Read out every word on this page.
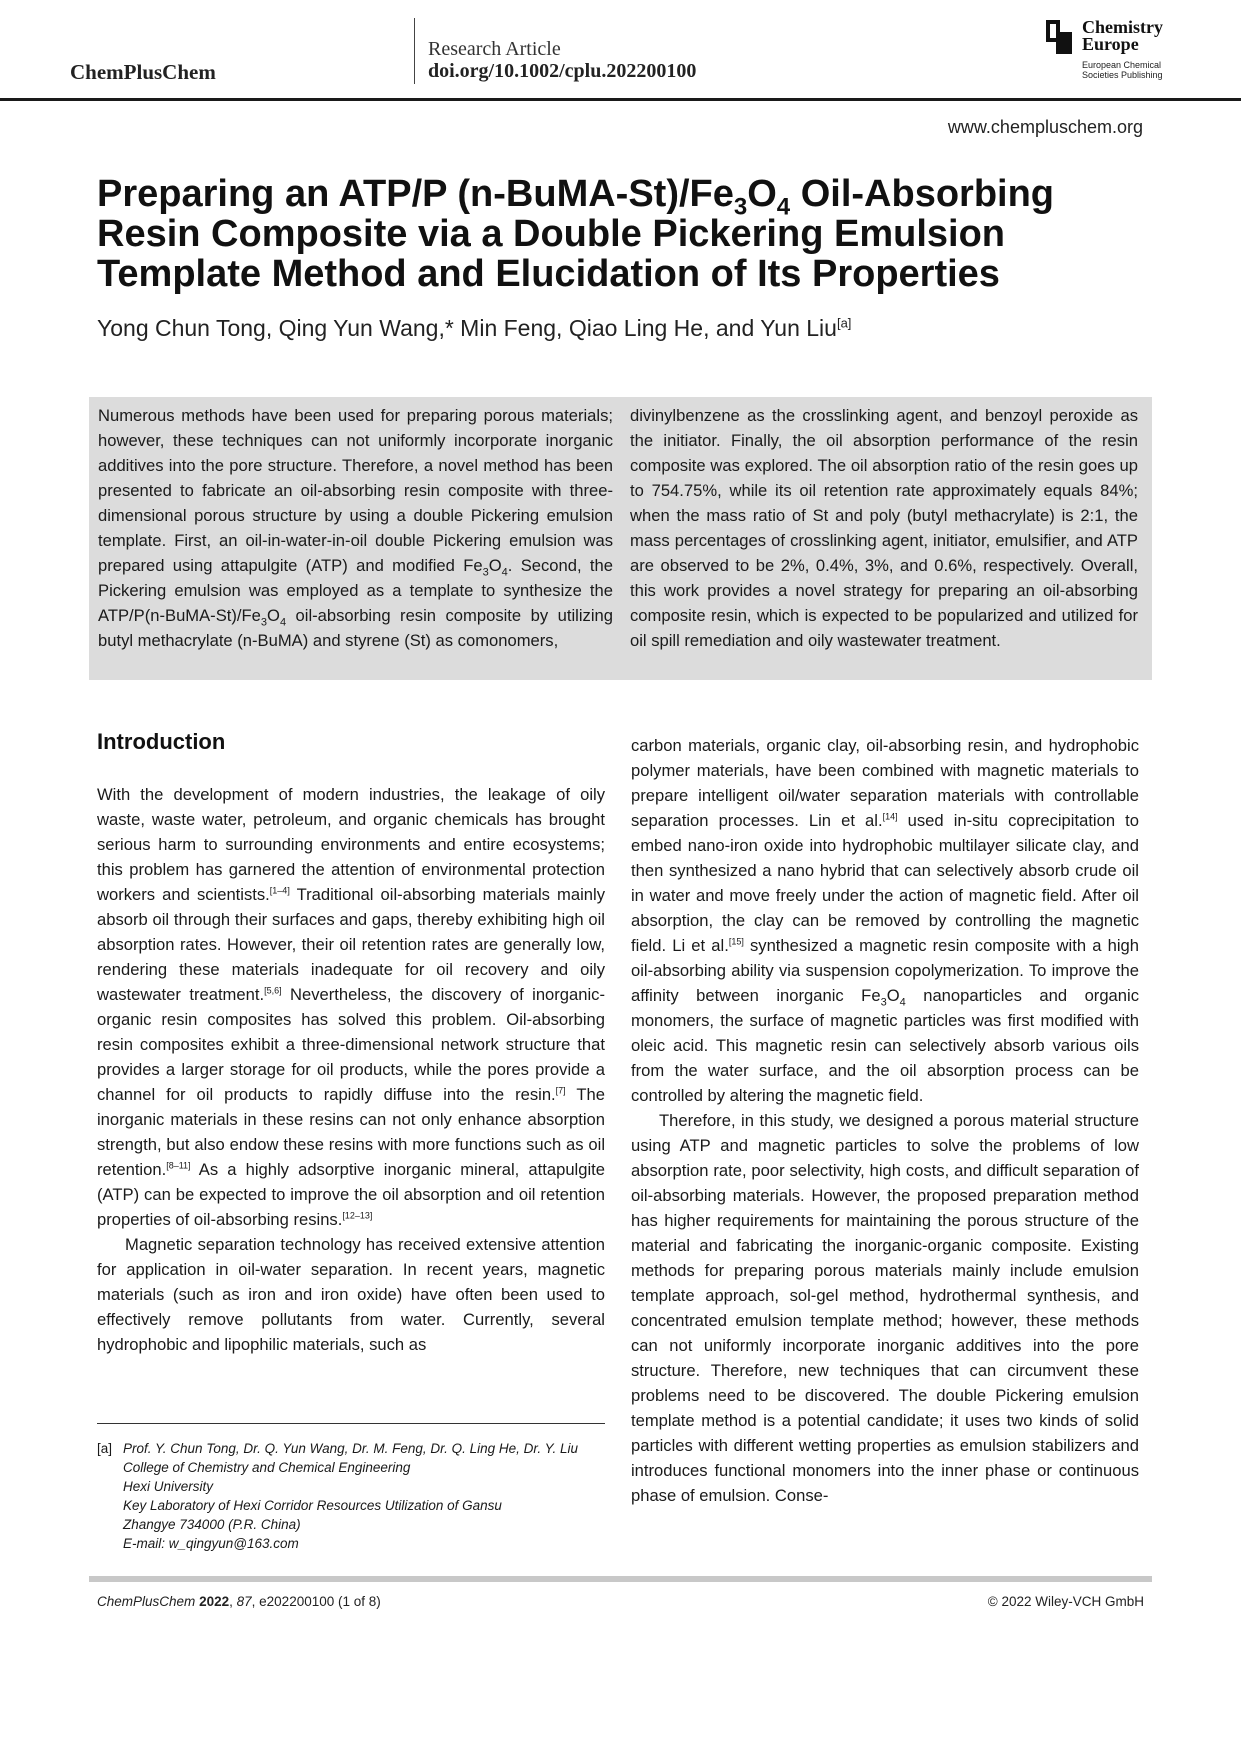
ChemPlusChem
Research Article
doi.org/10.1002/cplu.202200100
Chemistry
Europe
European Chemical
Societies Publishing
www.chempluschem.org
Preparing an ATP/P $(n-BuMA-St)/Fe_3O_4$ Oil-Absorbing Resin Composite via a Double Pickering Emulsion Template Method and Elucidation of Its Properties
Yong Chun Tong, Qing Yun Wang,* Min Feng, Qiao Ling He, and Yun Liu[a]
Numerous methods have been used for preparing porous materials; however, these techniques can not uniformly incorporate inorganic additives into the pore structure. Therefore, a novel method has been presented to fabricate an oil-absorbing resin composite with three-dimensional porous structure by using a double Pickering emulsion template. First, an oil-in-water-in-oil double Pickering emulsion was prepared using attapulgite (ATP) and modified $Fe_3O_4$. Second, the Pickering emulsion was employed as a template to synthesize the ATP/$P(n-BuMA-St)/Fe_3O_4$ oil-absorbing resin composite by utilizing butyl methacrylate (n-BuMA) and styrene (St) as comonomers,
divinylbenzene as the crosslinking agent, and benzoyl peroxide as the initiator. Finally, the oil absorption performance of the resin composite was explored. The oil absorption ratio of the resin goes up to 754.75%, while its oil retention rate approximately equals 84%; when the mass ratio of St and poly (butyl methacrylate) is 2:1, the mass percentages of crosslinking agent, initiator, emulsifier, and ATP are observed to be 2%, 0.4%, 3%, and 0.6%, respectively. Overall, this work provides a novel strategy for preparing an oil-absorbing composite resin, which is expected to be popularized and utilized for oil spill remediation and oily wastewater treatment.
Introduction

With the development of modern industries, the leakage of oily waste, waste water, petroleum, and organic chemicals has brought serious harm to surrounding environments and entire ecosystems; this problem has garnered the attention of environmental protection workers and scientists.[1–4] Traditional oil-absorbing materials mainly absorb oil through their surfaces and gaps, thereby exhibiting high oil absorption rates. However, their oil retention rates are generally low, rendering these materials inadequate for oil recovery and oily wastewater treatment.[5,6] Nevertheless, the discovery of inorganic-organic resin composites has solved this problem. Oil-absorbing resin composites exhibit a three-dimensional network structure that provides a larger storage for oil products, while the pores provide a channel for oil products to rapidly diffuse into the resin.[7] The inorganic materials in these resins can not only enhance absorption strength, but also endow these resins with more functions such as oil retention.[8–11] As a highly adsorptive inorganic mineral, attapulgite (ATP) can be expected to improve the oil absorption and oil retention properties of oil-absorbing resins.[12–13]

Magnetic separation technology has received extensive attention for application in oil-water separation. In recent years, magnetic materials (such as iron and iron oxide) have often been used to effectively remove pollutants from water. Currently, several hydrophobic and lipophilic materials, such as

[a] Prof. Y. Chun Tong, Dr. Q. Yun Wang, Dr. M. Feng, Dr. Q. Ling He, Dr. Y. Liu
College of Chemistry and Chemical Engineering
Hexi University
Key Laboratory of Hexi Corridor Resources Utilization of Gansu
Zhangye 734000 (P.R. China)
E-mail: w_qingyun@163.com

carbon materials, organic clay, oil-absorbing resin, and hydrophobic polymer materials, have been combined with magnetic materials to prepare intelligent oil/water separation materials with controllable separation processes. Lin et al.[14] used in-situ coprecipitation to embed nano-iron oxide into hydrophobic multilayer silicate clay, and then synthesized a nano hybrid that can selectively absorb crude oil in water and move freely under the action of magnetic field. After oil absorption, the clay can be removed by controlling the magnetic field. Li et al.[15] synthesized a magnetic resin composite with a high oil-absorbing ability via suspension copolymerization. To improve the affinity between inorganic $Fe_3O_4$ nanoparticles and organic monomers, the surface of magnetic particles was first modified with oleic acid. This magnetic resin can selectively absorb various oils from the water surface, and the oil absorption process can be controlled by altering the magnetic field.

Therefore, in this study, we designed a porous material structure using ATP and magnetic particles to solve the problems of low absorption rate, poor selectivity, high costs, and difficult separation of oil-absorbing materials. However, the proposed preparation method has higher requirements for maintaining the porous structure of the material and fabricating the inorganic-organic composite. Existing methods for preparing porous materials mainly include emulsion template approach, sol-gel method, hydrothermal synthesis, and concentrated emulsion template method; however, these methods can not uniformly incorporate inorganic additives into the pore structure. Therefore, new techniques that can circumvent these problems need to be discovered. The double Pickering emulsion template method is a potential candidate; it uses two kinds of solid particles with different wetting properties as emulsion stabilizers and introduces functional monomers into the inner phase or continuous phase of emulsion. Conse-

ChemPlusChem 2022, 87, e202200100 (1 of 8)	© 2022 Wiley-VCH GmbH
